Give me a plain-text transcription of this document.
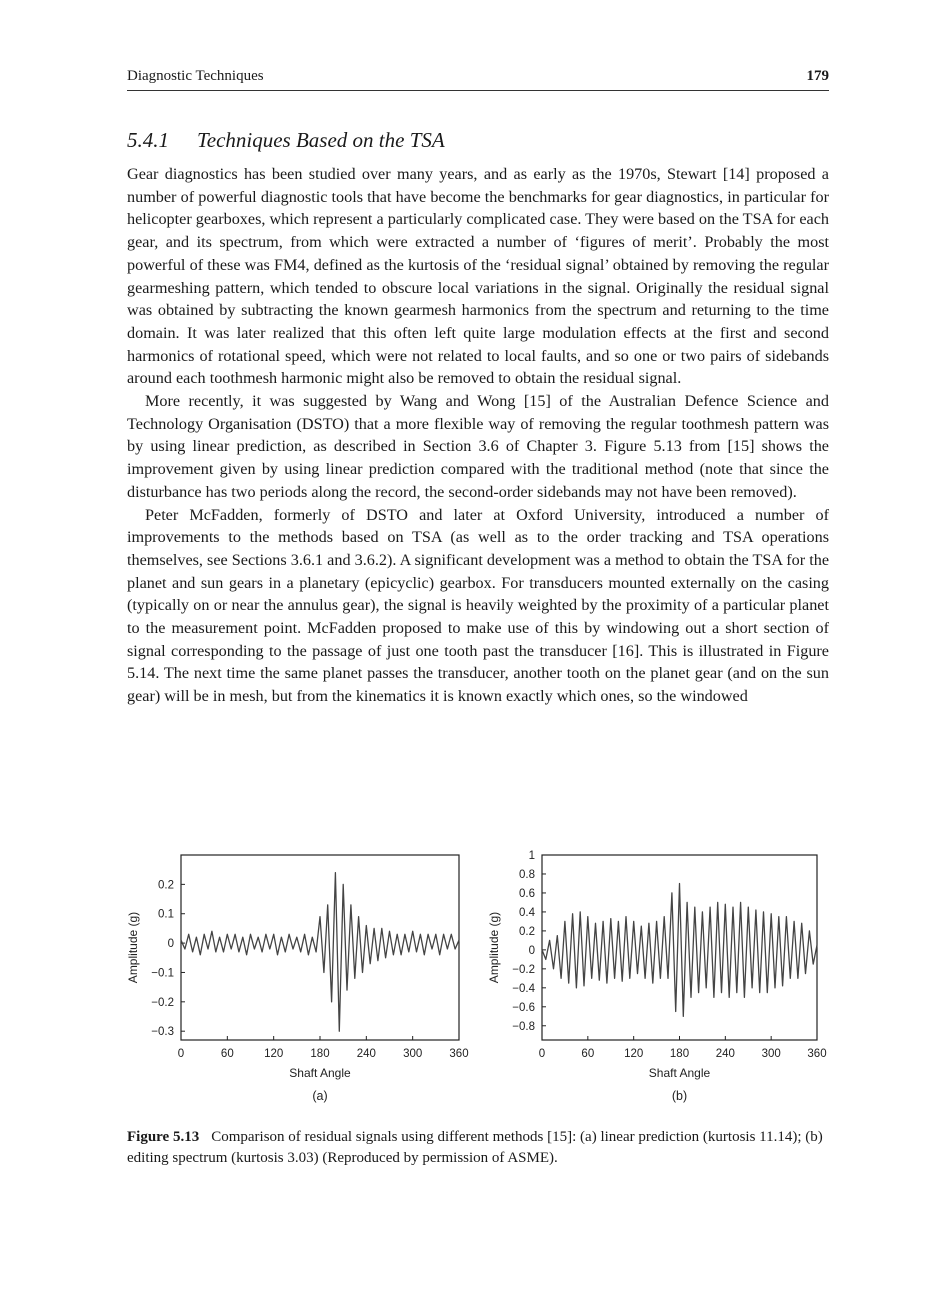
Diagnostic Techniques	179
5.4.1 Techniques Based on the TSA

Gear diagnostics has been studied over many years, and as early as the 1970s, Stewart [14] proposed a number of powerful diagnostic tools that have become the benchmarks for gear diagnostics, in particular for helicopter gearboxes, which represent a particularly complicated case. They were based on the TSA for each gear, and its spectrum, from which were extracted a number of ‘figures of merit’. Probably the most powerful of these was FM4, defined as the kurtosis of the ‘residual signal’ obtained by removing the regular gearmeshing pattern, which tended to obscure local variations in the signal. Originally the residual signal was obtained by subtracting the known gearmesh harmonics from the spectrum and returning to the time domain. It was later realized that this often left quite large modulation effects at the first and second harmonics of rotational speed, which were not related to local faults, and so one or two pairs of sidebands around each toothmesh harmonic might also be removed to obtain the residual signal.

More recently, it was suggested by Wang and Wong [15] of the Australian Defence Science and Technology Organisation (DSTO) that a more flexible way of removing the regular toothmesh pattern was by using linear prediction, as described in Section 3.6 of Chapter 3. Figure 5.13 from [15] shows the improvement given by using linear prediction compared with the traditional method (note that since the disturbance has two periods along the record, the second-order sidebands may not have been removed).

Peter McFadden, formerly of DSTO and later at Oxford University, introduced a number of improvements to the methods based on TSA (as well as to the order tracking and TSA operations themselves, see Sections 3.6.1 and 3.6.2). A significant development was a method to obtain the TSA for the planet and sun gears in a planetary (epicyclic) gearbox. For transducers mounted externally on the casing (typically on or near the annulus gear), the signal is heavily weighted by the proximity of a particular planet to the measurement point. McFadden proposed to make use of this by windowing out a short section of signal corresponding to the passage of just one tooth past the transducer [16]. This is illustrated in Figure 5.14. The next time the same planet passes the transducer, another tooth on the planet gear (and on the sun gear) will be in mesh, but from the kinematics it is known exactly which ones, so the windowed

0	60	120 180 240 300 360
0.2
0.1
0
−0.1
−0.2
−0.3
Shaft Angle
Amplitude (g)
(a)
0	60	120 180 240 300 360
1
0.8
0.6
0.4
0.2
0
−0.2
−0.4
−0.6
−0.8
Shaft Angle
Amplitude (g)
(b)
Figure 5.13 Comparison of residual signals using different methods [15]: (a) linear prediction (kurtosis 11.14); (b) editing spectrum (kurtosis 3.03) (Reproduced by permission of ASME).
